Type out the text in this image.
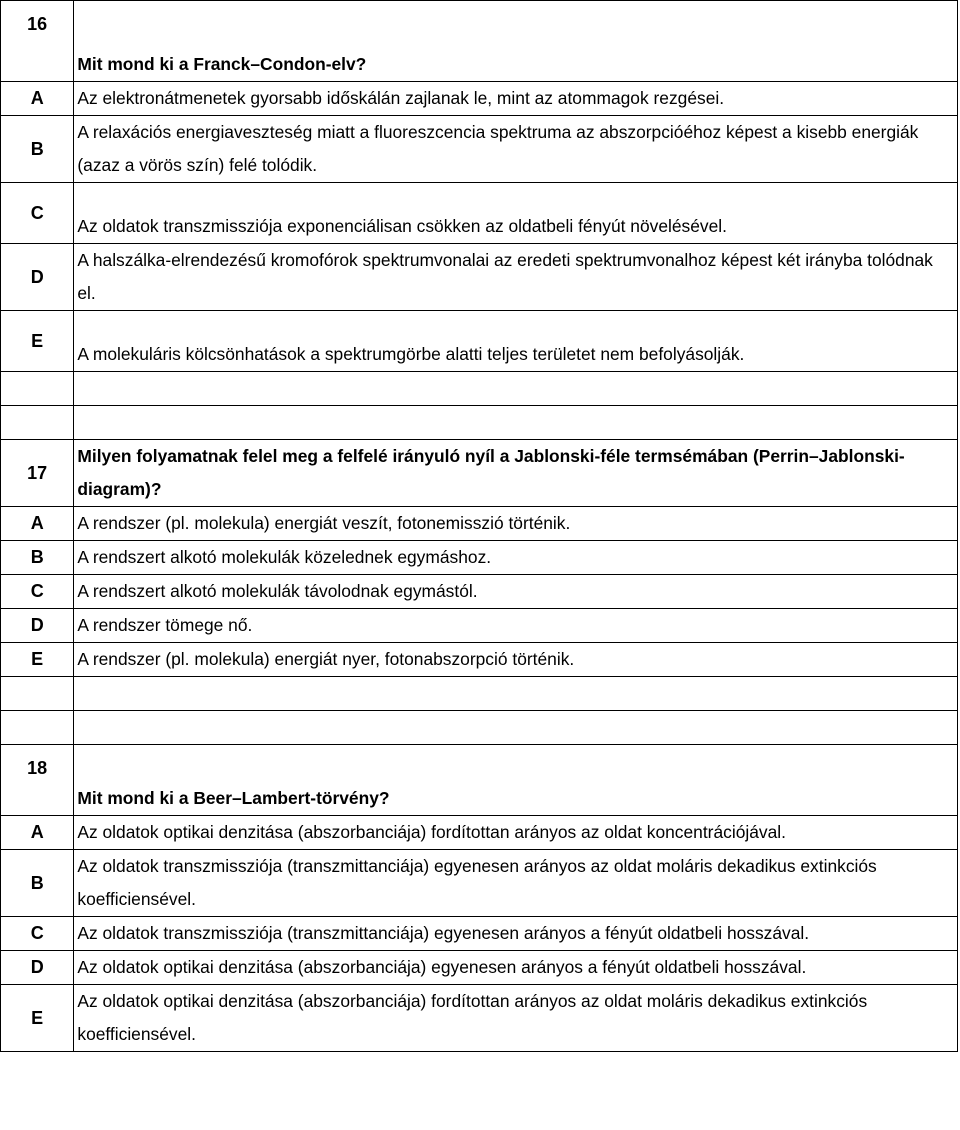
16	Mit mond ki a Franck–Condon-elv?
A	Az elektronátmenetek gyorsabb időskálán zajlanak le, mint az atommagok rezgései.
B	A relaxációs energiaveszteség miatt a fluoreszcencia spektruma az abszorpcióéhoz képest a kisebb energiák (azaz a vörös szín) felé tolódik.
C	Az oldatok transzmissziója exponenciálisan csökken az oldatbeli fényút növelésével.
D	A halszálka-elrendezésű kromofórok spektrumvonalai az eredeti spektrumvonalhoz képest két irányba tolódnak el.
E	A molekuláris kölcsönhatások a spektrumgörbe alatti teljes területet nem befolyásolják.

17	Milyen folyamatnak felel meg a felfelé irányuló nyíl a Jablonski-féle termsémában (Perrin–Jablonski-diagram)?
A	A rendszer (pl. molekula) energiát veszít, fotonemisszió történik.
B	A rendszert alkotó molekulák közelednek egymáshoz.
C	A rendszert alkotó molekulák távolodnak egymástól.
D	A rendszer tömege nő.
E	A rendszer (pl. molekula) energiát nyer, fotonabszorpció történik.

18	Mit mond ki a Beer–Lambert-törvény?
A	Az oldatok optikai denzitása (abszorbanciája) fordítottan arányos az oldat koncentrációjával.
B	Az oldatok transzmissziója (transzmittanciája) egyenesen arányos az oldat moláris dekadikus extinkciós koefficiensével.
C	Az oldatok transzmissziója (transzmittanciája) egyenesen arányos a fényút oldatbeli hosszával.
D	Az oldatok optikai denzitása (abszorbanciája) egyenesen arányos a fényút oldatbeli hosszával.
E	Az oldatok optikai denzitása (abszorbanciája) fordítottan arányos az oldat moláris dekadikus extinkciós koefficiensével.
